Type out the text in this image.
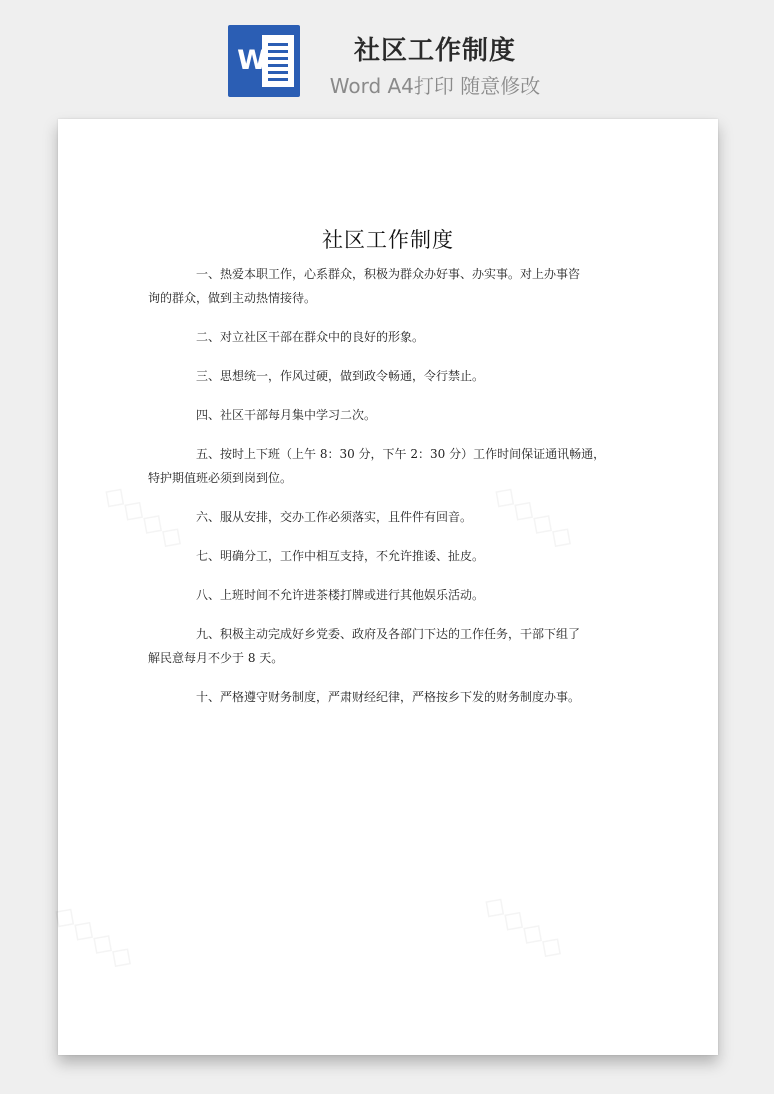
W	社区工作制度
Word A4打印 随意修改
社区工作制度

一、热爱本职工作，心系群众，积极为群众办好事、办实事。对上办事咨
询的群众，做到主动热情接待。

二、对立社区干部在群众中的良好的形象。

三、思想统一，作风过硬，做到政令畅通，令行禁止。

四、社区干部每月集中学习二次。

五、按时上下班（上午 8：30 分，下午 2：30 分）工作时间保证通讯畅通，
特护期值班必须到岗到位。

六、服从安排，交办工作必须落实，且件件有回音。

七、明确分工，工作中相互支持，不允许推诿、扯皮。

八、上班时间不允许进茶楼打牌或进行其他娱乐活动。

九、积极主动完成好乡党委、政府及各部门下达的工作任务，干部下组了
解民意每月不少于 8 天。

十、严格遵守财务制度，严肃财经纪律，严格按乡下发的财务制度办事。
